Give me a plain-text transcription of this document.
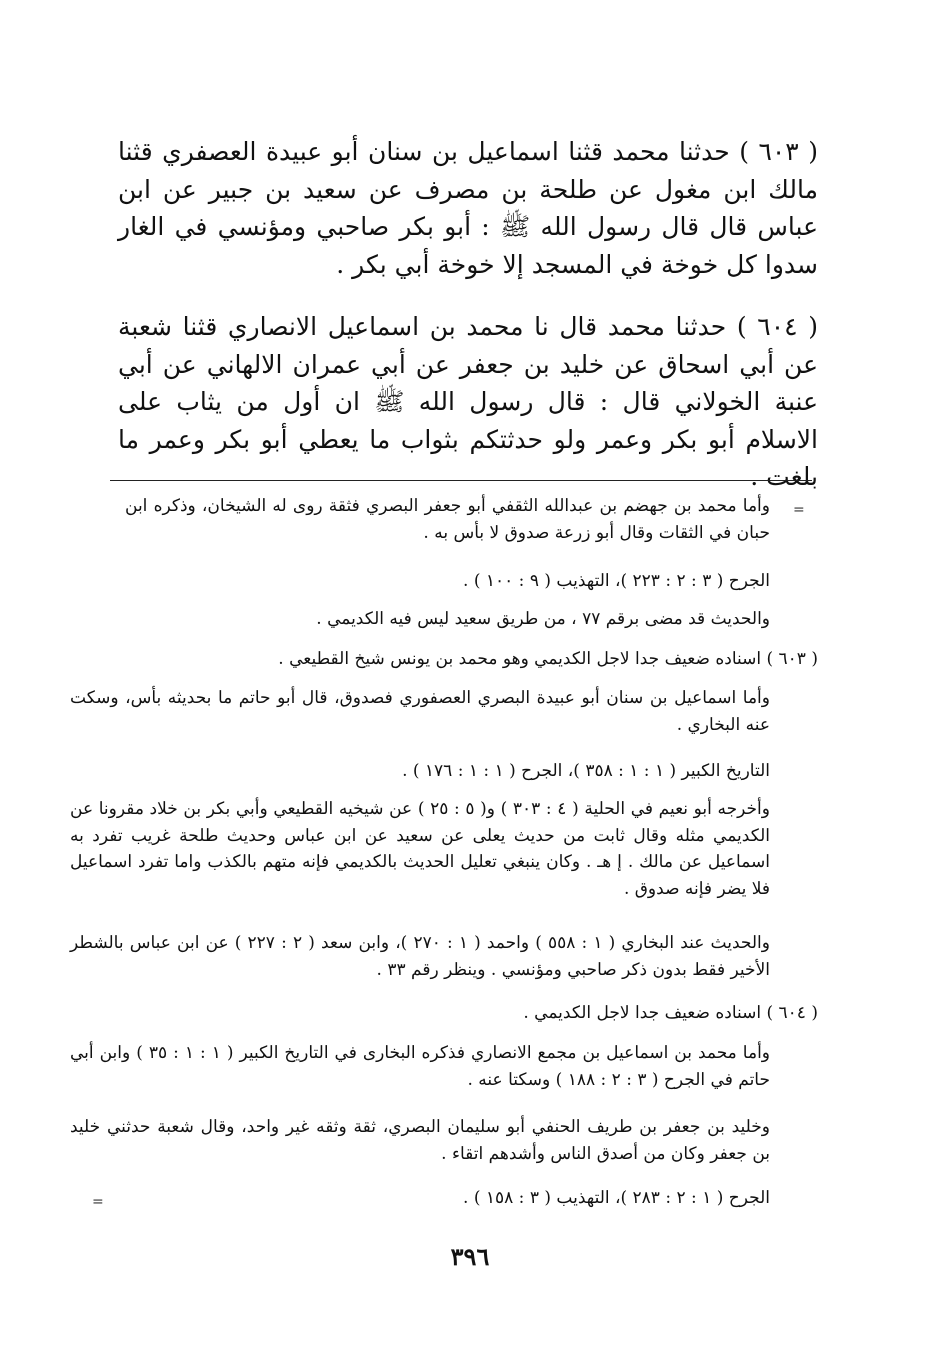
( ٦٠٣ ) حدثنا محمد قثنا اسماعيل بن سنان أبو عبيدة العصفري قثنا مالك ابن مغول عن طلحة بن مصرف عن سعيد بن جبير عن ابن عباس قال قال رسول الله ﷺ : أبو بكر صاحبي ومؤنسي في الغار سدوا كل خوخة في المسجد إلا خوخة أبي بكر .

( ٦٠٤ ) حدثنا محمد قال نا محمد بن اسماعيل الانصاري قثنا شعبة عن أبي اسحاق عن خليد بن جعفر عن أبي عمران الالهاني عن أبي عنبة الخولاني قال : قال رسول الله ﷺ ان أول من يثاب على الاسلام أبو بكر وعمر ولو حدثتكم بثواب ما يعطي أبو بكر وعمر ما بلغت .

=

وأما محمد بن جهضم بن عبدالله الثقفي أبو جعفر البصري فثقة روى له الشيخان، وذكره ابن حبان في الثقات وقال أبو زرعة صدوق لا بأس به .

الجرح ( ٣ : ٢ : ٢٢٣ )، التهذيب ( ٩ : ١٠٠ ) .

والحديث قد مضى برقم ٧٧ ، من طريق سعيد ليس فيه الكديمي .

( ٦٠٣ ) اسناده ضعيف جدا لاجل الكديمي وهو محمد بن يونس شيخ القطيعي .

وأما اسماعيل بن سنان أبو عبيدة البصري العصفوري فصدوق، قال أبو حاتم ما بحديثه بأس، وسكت عنه البخاري .

التاريخ الكبير ( ١ : ١ : ٣٥٨ )، الجرح ( ١ : ١ : ١٧٦ ) .

وأخرجه أبو نعيم في الحلية ( ٤ : ٣٠٣ ) و( ٥ : ٢٥ ) عن شيخيه القطيعي وأبي بكر بن خلاد مقرونا عن الكديمي مثله وقال ثابت من حديث يعلى عن سعيد عن ابن عباس وحديث طلحة غريب تفرد به اسماعيل عن مالك . إ هـ . وكان ينبغي تعليل الحديث بالكديمي فإنه متهم بالكذب واما تفرد اسماعيل فلا يضر فإنه صدوق .

والحديث عند البخاري ( ١ : ٥٥٨ ) واحمد ( ١ : ٢٧٠ )، وابن سعد ( ٢ : ٢٢٧ ) عن ابن عباس بالشطر الأخير فقط بدون ذكر صاحبي ومؤنسي . وينظر رقم ٣٣ .

( ٦٠٤ ) اسناده ضعيف جدا لاجل الكديمي .

وأما محمد بن اسماعيل بن مجمع الانصاري فذكره البخارى في التاريخ الكبير ( ١ : ١ : ٣٥ ) وابن أبي حاتم في الجرح ( ٣ : ٢ : ١٨٨ ) وسكتا عنه .

وخليد بن جعفر بن طريف الحنفي أبو سليمان البصري، ثقة وثقه غير واحد، وقال شعبة حدثني خليد بن جعفر وكان من أصدق الناس وأشدهم اتقاء .

الجرح ( ١ : ٢ : ٢٨٣ )، التهذيب ( ٣ : ١٥٨ ) .

=
٣٩٦
